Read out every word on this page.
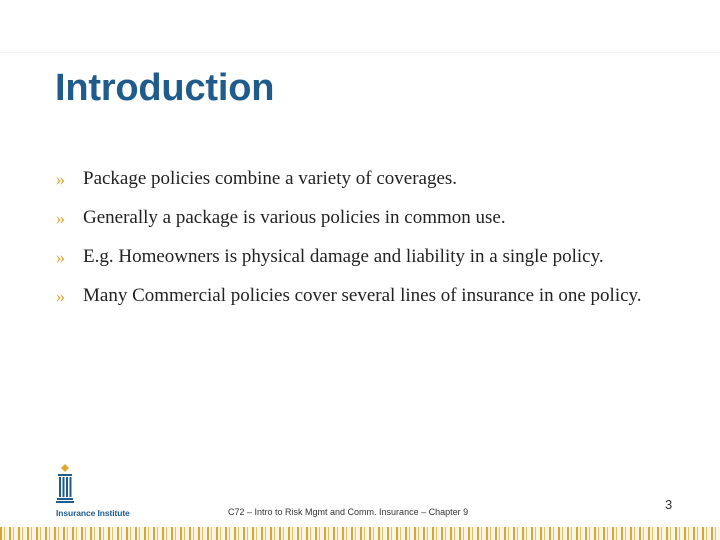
Introduction
» Package policies combine a variety of coverages.
» Generally a package is various policies in common use.
» E.g. Homeowners is physical damage and liability in a single policy.
» Many Commercial policies cover several lines of insurance in one policy.
Insurance Institute	C72 – Intro to Risk Mgmt and Comm. Insurance – Chapter 9	3
